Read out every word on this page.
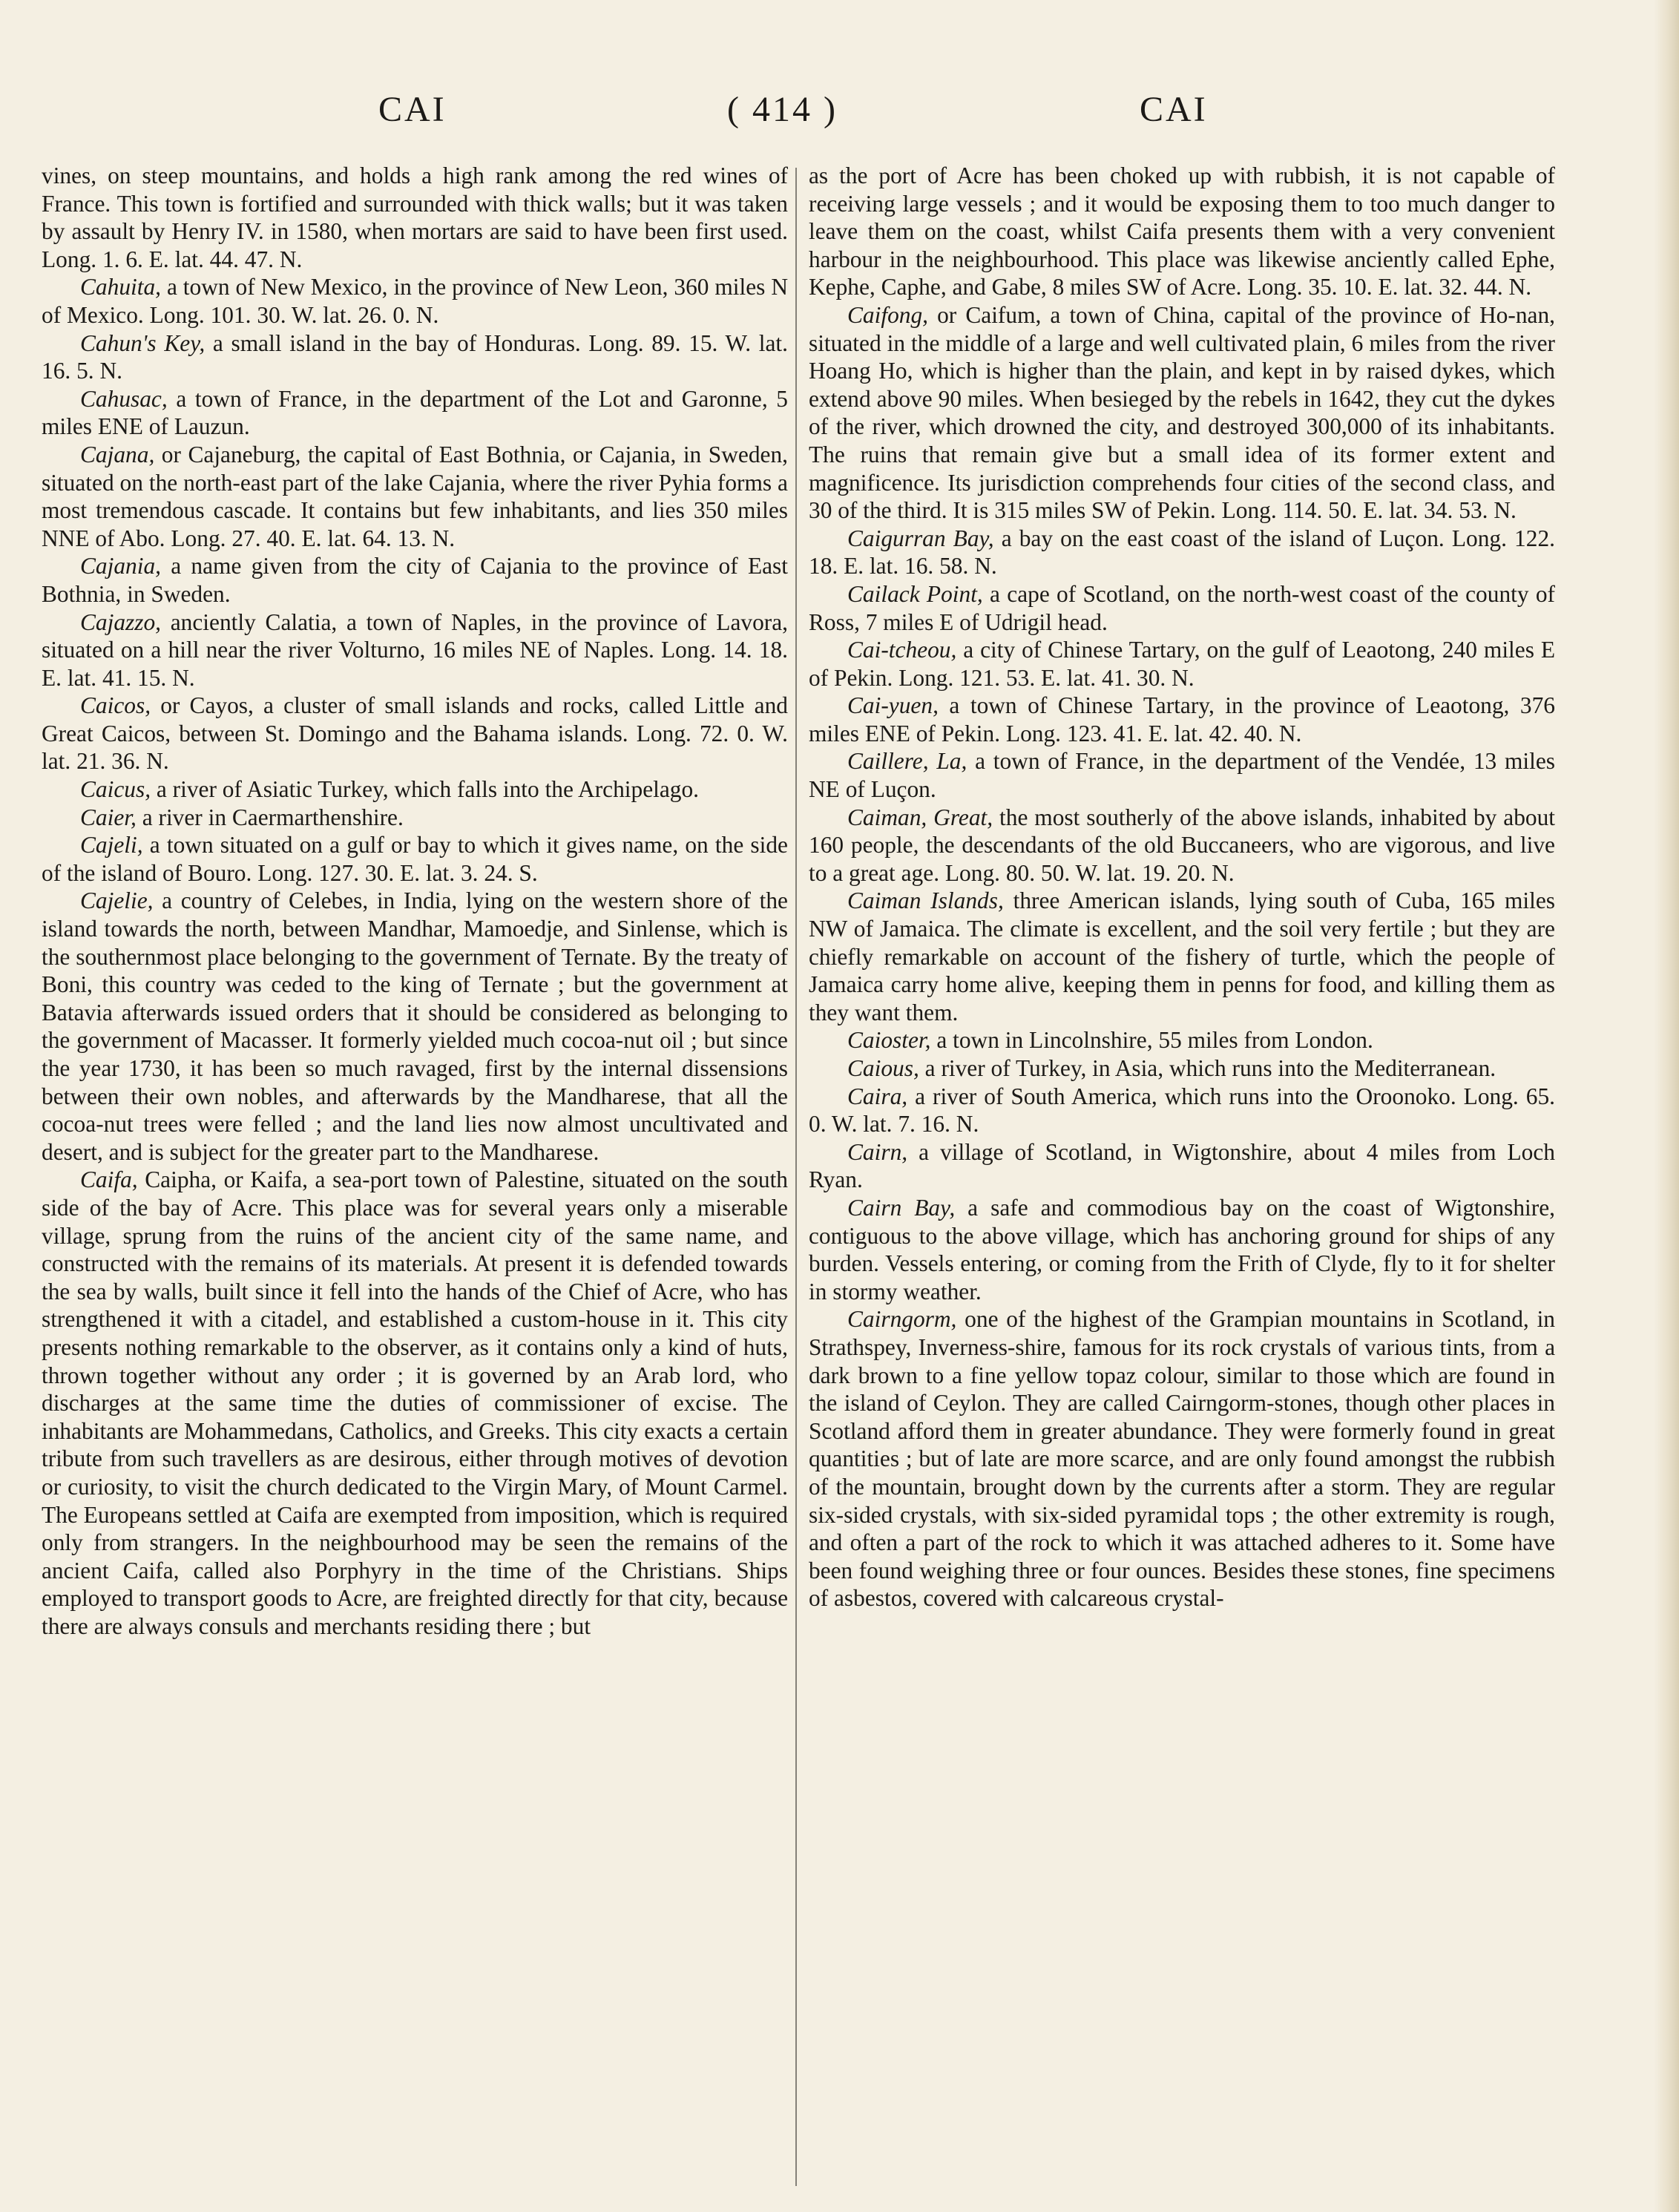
CAI	( 414 )	CAI

vines, on steep mountains, and holds a high rank among the red wines of France. This town is fortified and surrounded with thick walls; but it was taken by assault by Henry IV. in 1580, when mortars are said to have been first used. Long. 1. 6. E. lat. 44. 47. N.

Cahuita, a town of New Mexico, in the province of New Leon, 360 miles N of Mexico. Long. 101. 30. W. lat. 26. 0. N.

Cahun's Key, a small island in the bay of Honduras. Long. 89. 15. W. lat. 16. 5. N.

Cahusac, a town of France, in the department of the Lot and Garonne, 5 miles ENE of Lauzun.

Cajana, or Cajaneburg, the capital of East Bothnia, or Cajania, in Sweden, situated on the north-east part of the lake Cajania, where the river Pyhia forms a most tremendous cascade. It contains but few inhabitants, and lies 350 miles NNE of Abo. Long. 27. 40. E. lat. 64. 13. N.

Cajania, a name given from the city of Cajania to the province of East Bothnia, in Sweden.

Cajazzo, anciently Calatia, a town of Naples, in the province of Lavora, situated on a hill near the river Volturno, 16 miles NE of Naples. Long. 14. 18. E. lat. 41. 15. N.

Caicos, or Cayos, a cluster of small islands and rocks, called Little and Great Caicos, between St. Domingo and the Bahama islands. Long. 72. 0. W. lat. 21. 36. N.

Caicus, a river of Asiatic Turkey, which falls into the Archipelago.

Caier, a river in Caermarthenshire.

Cajeli, a town situated on a gulf or bay to which it gives name, on the side of the island of Bouro. Long. 127. 30. E. lat. 3. 24. S.

Cajelie, a country of Celebes, in India, lying on the western shore of the island towards the north, between Mandhar, Mamoedje, and Sinlense, which is the southernmost place belonging to the government of Ternate. By the treaty of Boni, this country was ceded to the king of Ternate ; but the government at Batavia afterwards issued orders that it should be considered as belonging to the government of Macasser. It formerly yielded much cocoa-nut oil ; but since the year 1730, it has been so much ravaged, first by the internal dissensions between their own nobles, and afterwards by the Mandharese, that all the cocoa-nut trees were felled ; and the land lies now almost uncultivated and desert, and is subject for the greater part to the Mandharese.

Caifa, Caipha, or Kaifa, a sea-port town of Palestine, situated on the south side of the bay of Acre. This place was for several years only a miserable village, sprung from the ruins of the ancient city of the same name, and constructed with the remains of its materials. At present it is defended towards the sea by walls, built since it fell into the hands of the Chief of Acre, who has strengthened it with a citadel, and established a custom-house in it. This city presents nothing remarkable to the observer, as it contains only a kind of huts, thrown together without any order ; it is governed by an Arab lord, who discharges at the same time the duties of commissioner of excise. The inhabitants are Mohammedans, Catholics, and Greeks. This city exacts a certain tribute from such travellers as are desirous, either through motives of devotion or curiosity, to visit the church dedicated to the Virgin Mary, of Mount Carmel. The Europeans settled at Caifa are exempted from imposition, which is required only from strangers. In the neighbourhood may be seen the remains of the ancient Caifa, called also Porphyry in the time of the Christians. Ships employed to transport goods to Acre, are freighted directly for that city, because there are always consuls and merchants residing there ; but

as the port of Acre has been choked up with rubbish, it is not capable of receiving large vessels ; and it would be exposing them to too much danger to leave them on the coast, whilst Caifa presents them with a very convenient harbour in the neighbourhood. This place was likewise anciently called Ephe, Kephe, Caphe, and Gabe, 8 miles SW of Acre. Long. 35. 10. E. lat. 32. 44. N.

Caifong, or Caifum, a town of China, capital of the province of Ho-nan, situated in the middle of a large and well cultivated plain, 6 miles from the river Hoang Ho, which is higher than the plain, and kept in by raised dykes, which extend above 90 miles. When besieged by the rebels in 1642, they cut the dykes of the river, which drowned the city, and destroyed 300,000 of its inhabitants. The ruins that remain give but a small idea of its former extent and magnificence. Its jurisdiction comprehends four cities of the second class, and 30 of the third. It is 315 miles SW of Pekin. Long. 114. 50. E. lat. 34. 53. N.

Caigurran Bay, a bay on the east coast of the island of Luçon. Long. 122. 18. E. lat. 16. 58. N.

Cailack Point, a cape of Scotland, on the north-west coast of the county of Ross, 7 miles E of Udrigil head.

Cai-tcheou, a city of Chinese Tartary, on the gulf of Leaotong, 240 miles E of Pekin. Long. 121. 53. E. lat. 41. 30. N.

Cai-yuen, a town of Chinese Tartary, in the province of Leaotong, 376 miles ENE of Pekin. Long. 123. 41. E. lat. 42. 40. N.

Caillere, La, a town of France, in the department of the Vendée, 13 miles NE of Luçon.

Caiman, Great, the most southerly of the above islands, inhabited by about 160 people, the descendants of the old Buccaneers, who are vigorous, and live to a great age. Long. 80. 50. W. lat. 19. 20. N.

Caiman Islands, three American islands, lying south of Cuba, 165 miles NW of Jamaica. The climate is excellent, and the soil very fertile ; but they are chiefly remarkable on account of the fishery of turtle, which the people of Jamaica carry home alive, keeping them in penns for food, and killing them as they want them.

Caioster, a town in Lincolnshire, 55 miles from London.

Caious, a river of Turkey, in Asia, which runs into the Mediterranean.

Caira, a river of South America, which runs into the Oroonoko. Long. 65. 0. W. lat. 7. 16. N.

Cairn, a village of Scotland, in Wigtonshire, about 4 miles from Loch Ryan.

Cairn Bay, a safe and commodious bay on the coast of Wigtonshire, contiguous to the above village, which has anchoring ground for ships of any burden. Vessels entering, or coming from the Frith of Clyde, fly to it for shelter in stormy weather.

Cairngorm, one of the highest of the Grampian mountains in Scotland, in Strathspey, Inverness-shire, famous for its rock crystals of various tints, from a dark brown to a fine yellow topaz colour, similar to those which are found in the island of Ceylon. They are called Cairngorm-stones, though other places in Scotland afford them in greater abundance. They were formerly found in great quantities ; but of late are more scarce, and are only found amongst the rubbish of the mountain, brought down by the currents after a storm. They are regular six-sided crystals, with six-sided pyramidal tops ; the other extremity is rough, and often a part of the rock to which it was attached adheres to it. Some have been found weighing three or four ounces. Besides these stones, fine specimens of asbestos, covered with calcareous crystal-
